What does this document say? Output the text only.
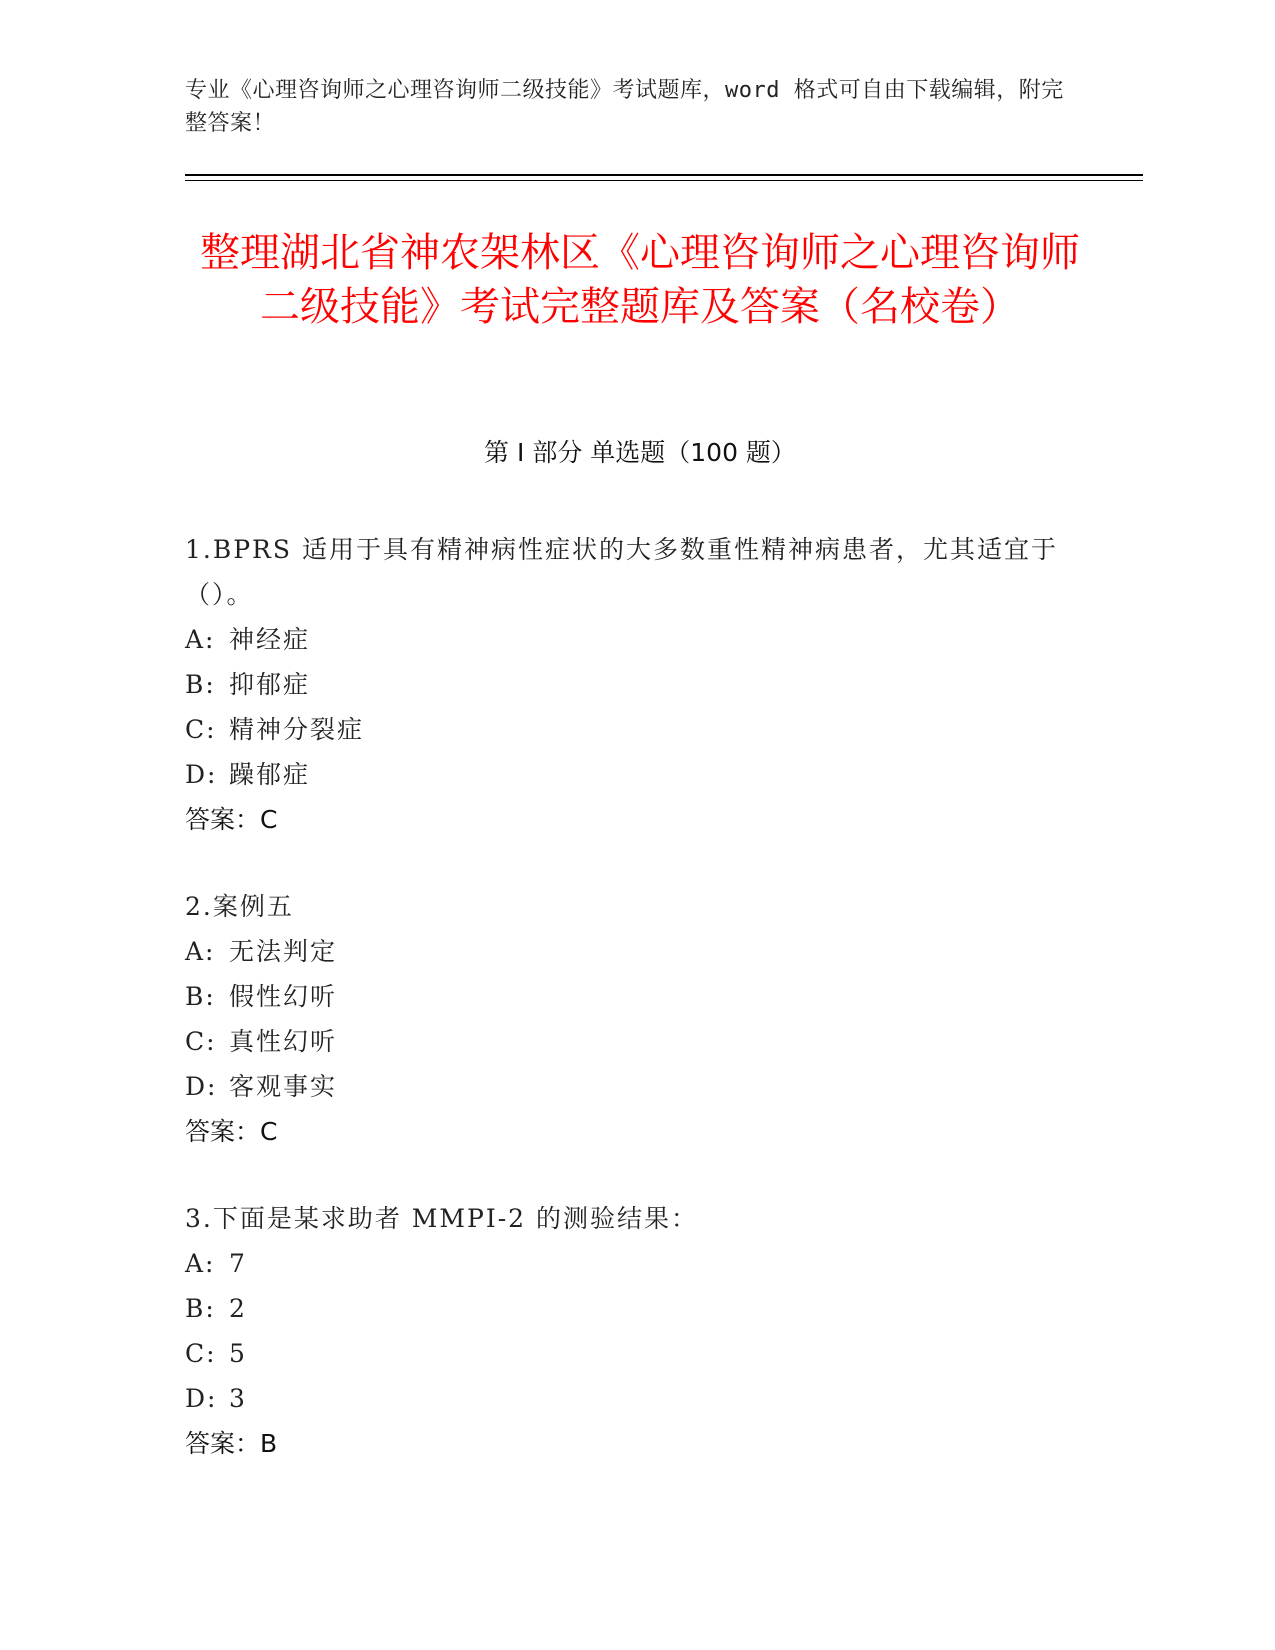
专业《心理咨询师之心理咨询师二级技能》考试题库，word 格式可自由下载编辑，附完整答案！
整理湖北省神农架林区《心理咨询师之心理咨询师二级技能》考试完整题库及答案（名校卷）
第 I 部分 单选题（100 题）
1.BPRS 适用于具有精神病性症状的大多数重性精神病患者，尤其适宜于（）。
A: 神经症
B: 抑郁症
C: 精神分裂症
D: 躁郁症
答案：C
2.案例五
A: 无法判定
B: 假性幻听
C: 真性幻听
D: 客观事实
答案：C
3.下面是某求助者 MMPI-2 的测验结果：
A: 7
B: 2
C: 5
D: 3
答案：B
